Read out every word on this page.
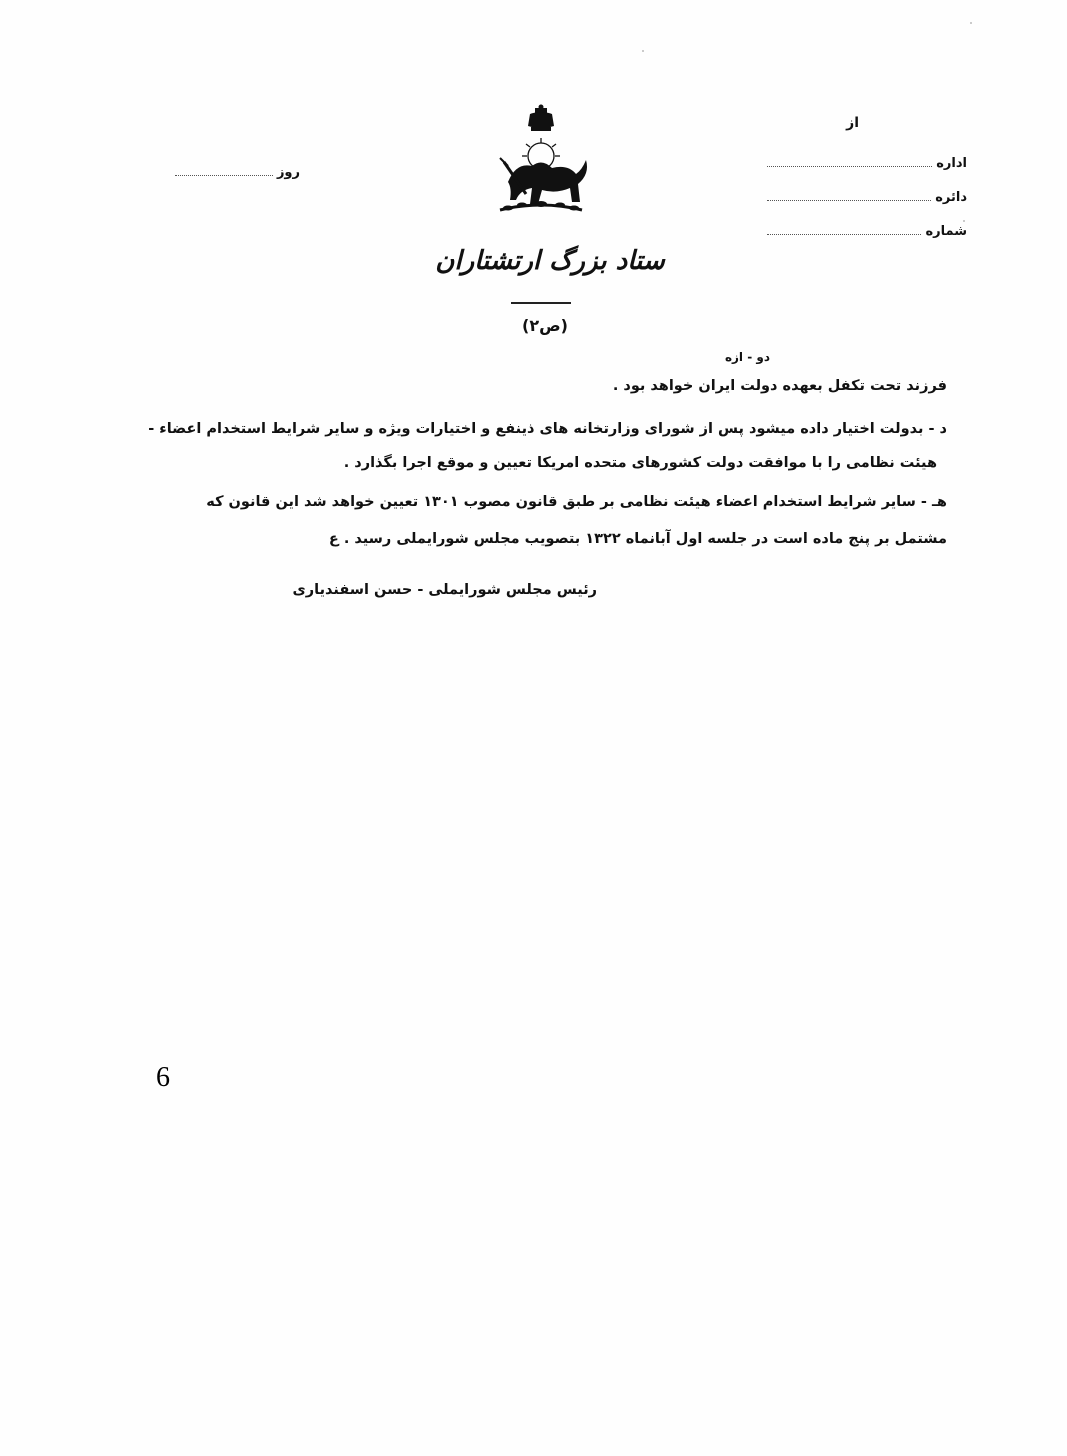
از
اداره
دائره
شماره
روز
ستاد بزرگ ارتشتاران
(ص۲)
دو - ازه
فرزند تحت تکفل بعهده دولت ایران خواهد بود .
د - بدولت اختیار داده میشود پس از شورای وزارتخانه های ذینفع و اختیارات ویژه و سایر شرایط استخدام اعضاء -
هیئت نظامی را با موافقت دولت کشورهای متحده امریکا تعیین و موقع اجرا بگذارد .
هـ - سایر شرایط استخدام اعضاء هیئت نظامی بر طبق قانون مصوب ۱۳۰۱ تعیین خواهد شد این قانون که
مشتمل بر پنج ماده است در جلسه اول آبانماه ۱۳۲۲ بتصویب مجلس شورایملی رسید . ع
رئیس مجلس شورایملی - حسن اسفندیاری
6
